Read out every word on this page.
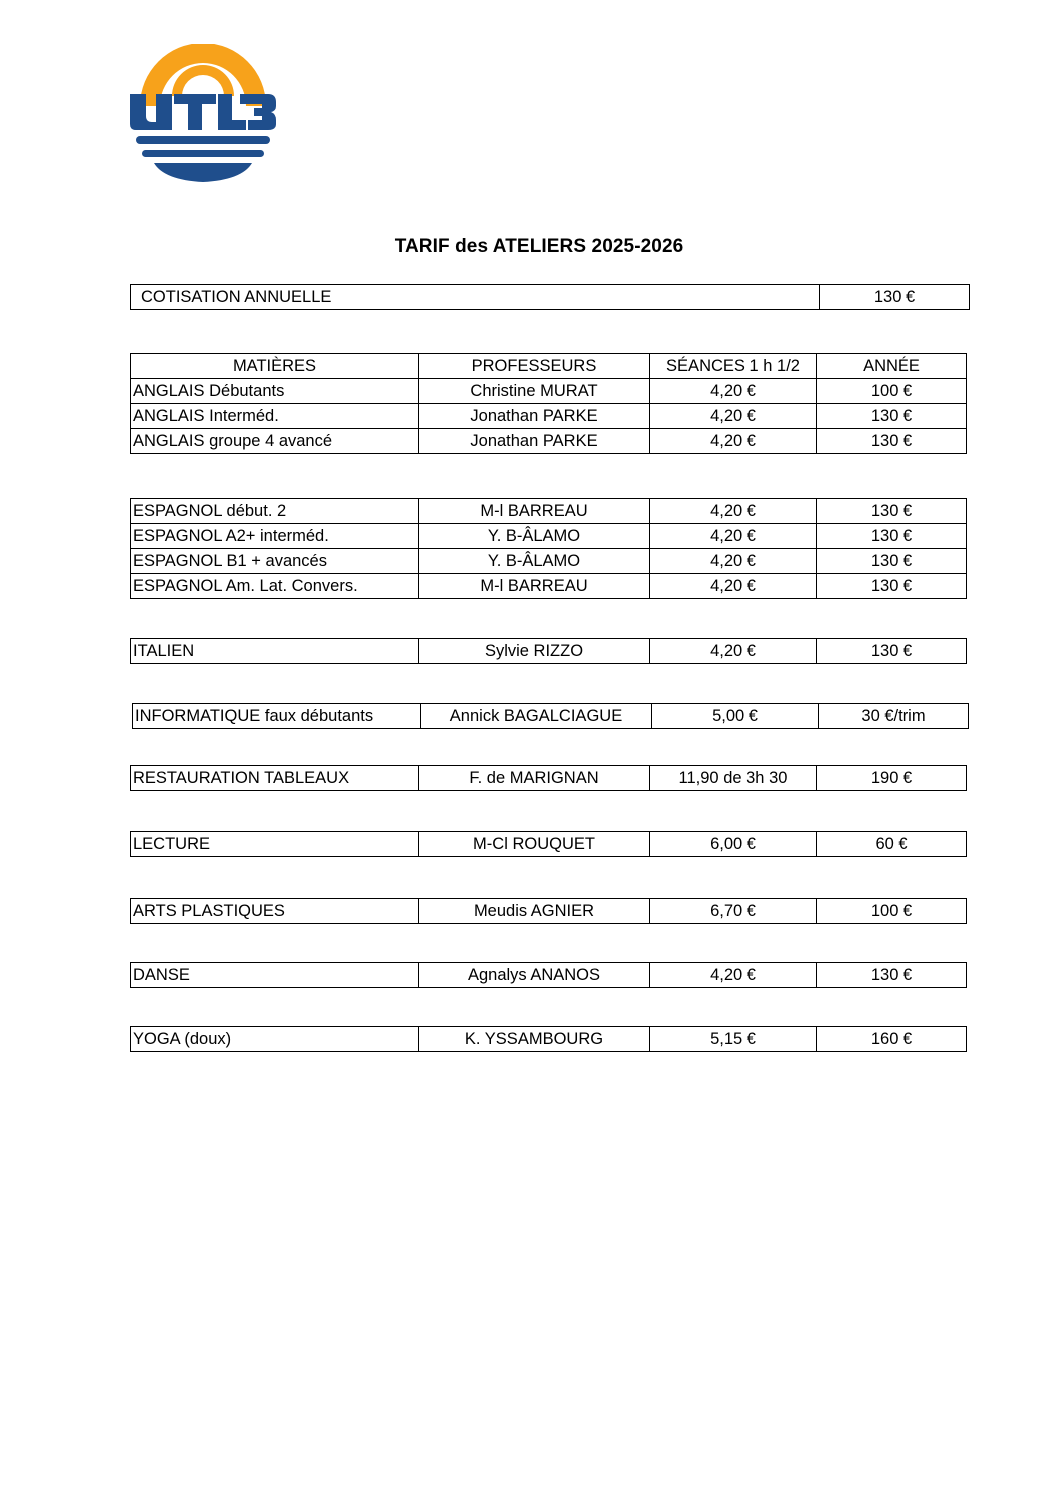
TARIF des ATELIERS 2025-2026
COTISATION ANNUELLE	130 €
MATIÈRES	PROFESSEURS	SÉANCES 1 h 1/2	ANNÉE
ANGLAIS Débutants	Christine MURAT	4,20 €	100 €
ANGLAIS Interméd.	Jonathan PARKE	4,20 €	130 €
ANGLAIS groupe 4 avancé	Jonathan PARKE	4,20 €	130 €
ESPAGNOL début. 2	M-l BARREAU	4,20 €	130 €
ESPAGNOL A2+ interméd.	Y. B-ÂLAMO	4,20 €	130 €
ESPAGNOL B1 + avancés	Y. B-ÂLAMO	4,20 €	130 €
ESPAGNOL Am. Lat. Convers.	M-l BARREAU	4,20 €	130 €
ITALIEN	Sylvie RIZZO	4,20 €	130 €
INFORMATIQUE faux débutants	Annick BAGALCIAGUE	5,00 €	30 €/trim
RESTAURATION TABLEAUX	F. de MARIGNAN	11,90 de 3h 30	190 €
LECTURE	M-Cl ROUQUET	6,00 €	60 €
ARTS PLASTIQUES	Meudis AGNIER	6,70 €	100 €
DANSE	Agnalys ANANOS	4,20 €	130 €
YOGA (doux)	K. YSSAMBOURG	5,15 €	160 €
